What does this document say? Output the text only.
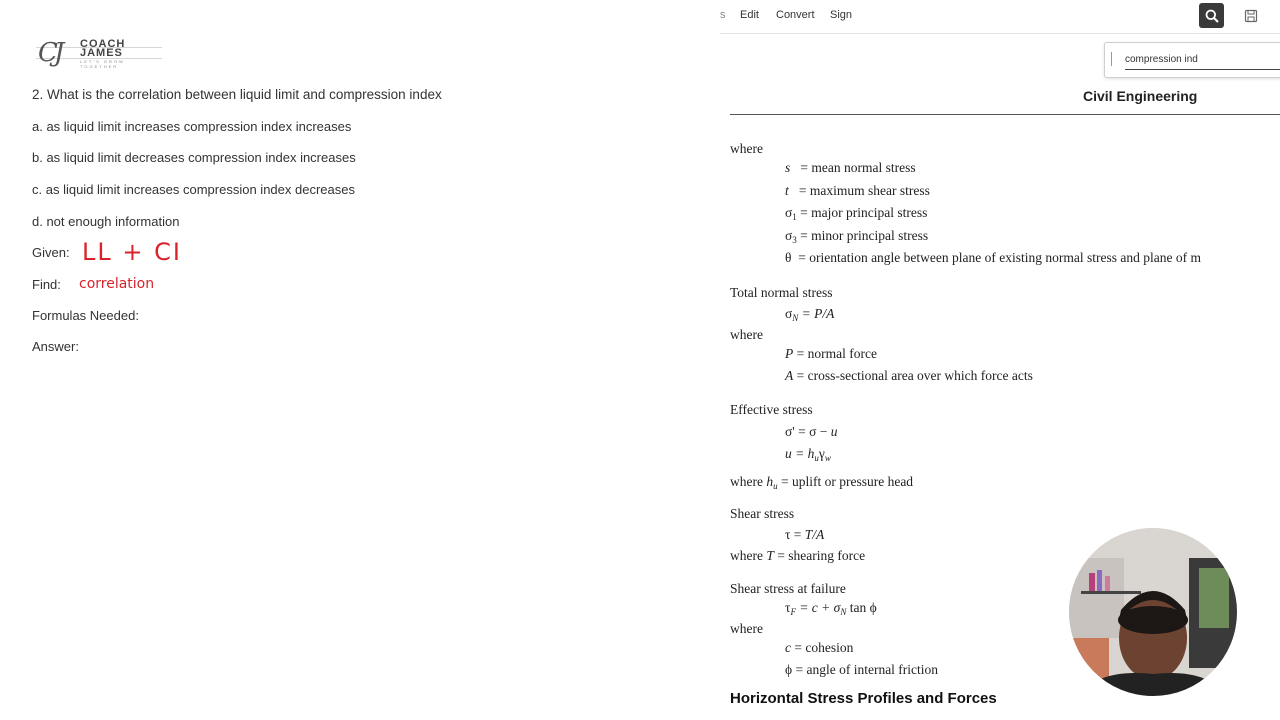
CJ COACH
JAMES
LET'S GROW TOGETHER
2. What is the correlation between liquid limit and compression index
a. as liquid limit increases compression index increases
b. as liquid limit decreases compression index increases
c. as liquid limit increases compression index decreases
d. not enough information
Given: LL + CI
Find: correlation
Formulas Needed:
Answer:
s Edit Convert Sign
compression ind
Civil Engineering
where
s = mean normal stress
t = maximum shear stress
$\sigma_1$ = major principal stress
$\sigma_3$ = minor principal stress
θ = orientation angle between plane of existing normal stress and plane of m
Total normal stress
$\sigma_N = P/A$
where
P = normal force
A = cross-sectional area over which force acts
Effective stress
σ' = σ − u
$u = h_u\gamma_w$
where $h_u$ = uplift or pressure head
Shear stress
τ = T/A
where T = shearing force
Shear stress at failure
$\tau_F = c + \sigma_N$ tan ϕ
where
c = cohesion
ϕ = angle of internal friction
Horizontal Stress Profiles and Forces
